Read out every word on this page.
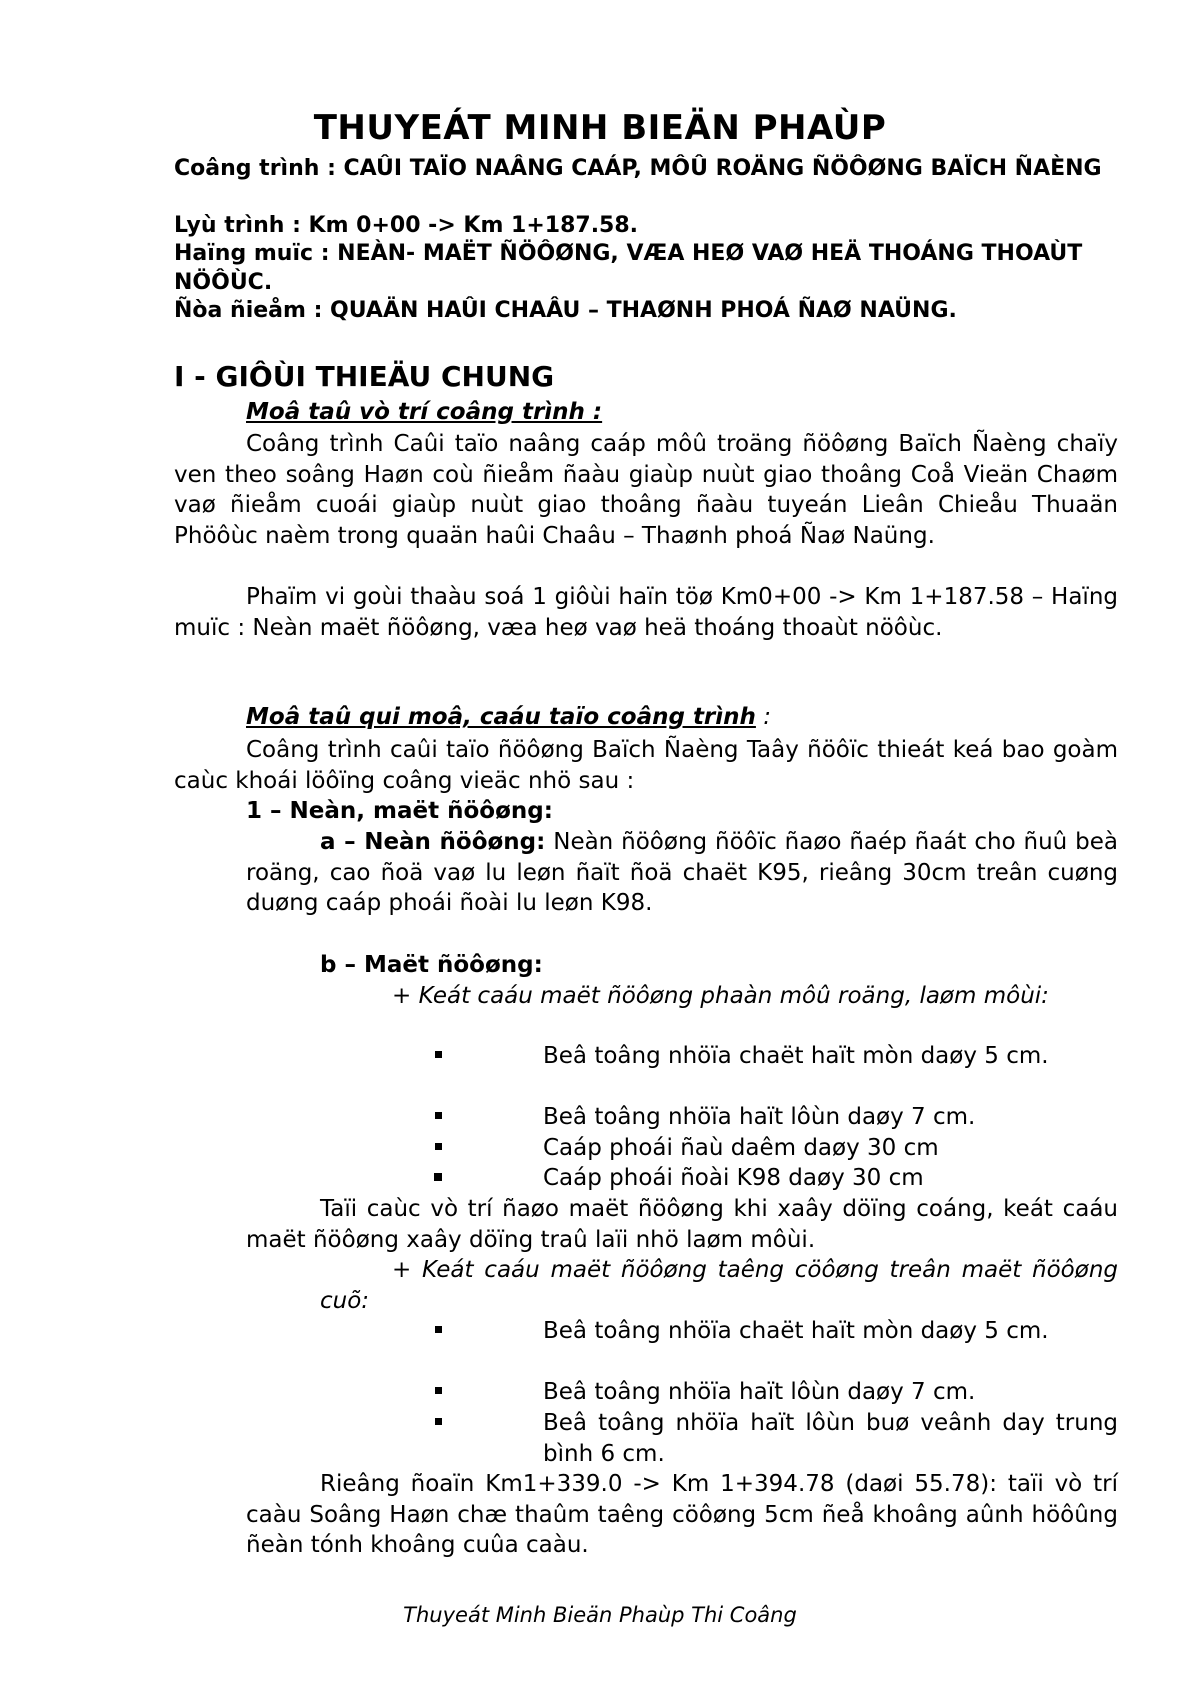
THUYEÁT MINH BIEÄN PHAÙP
Coâng trình : CAÛI TAÏO NAÂNG CAÁP, MÔÛ ROÄNG ÑÖÔØNG BAÏCH ÑAÈNG
Lyù trình : Km 0+00 -> Km 1+187.58.
Haïng muïc : NEÀN- MAËT ÑÖÔØNG, VÆA HEØ VAØ HEÄ THOÁNG THOAÙT NÖÔÙC.
Ñòa ñieåm : QUAÄN HAÛI CHAÂU – THAØNH PHOÁ ÑAØ NAÜNG.
I - GIÔÙI THIEÄU CHUNG
Moâ taû vò trí coâng trình :
Coâng trình Caûi taïo naâng caáp môû troäng ñöôøng Baïch Ñaèng chaïy ven theo soâng Haøn coù ñieåm ñaàu giaùp nuùt giao thoâng Coå Vieän Chaøm vaø ñieåm cuoái giaùp nuùt giao thoâng ñaàu tuyeán Lieân Chieåu Thuaän Phöôùc naèm trong quaän haûi Chaâu – Thaønh phoá Ñaø Naüng.
Phaïm vi goùi thaàu soá 1 giôùi haïn töø Km0+00 -> Km 1+187.58 – Haïng muïc : Neàn maët ñöôøng, væa heø vaø heä thoáng thoaùt nöôùc.
Moâ taû qui moâ, caáu taïo coâng trình :
Coâng trình caûi taïo ñöôøng Baïch Ñaèng Taây ñöôïc thieát keá bao goàm caùc khoái löôïng coâng vieäc nhö sau :
1 – Neàn, maët ñöôøng:
a – Neàn ñöôøng: Neàn ñöôøng ñöôïc ñaøo ñaép ñaát cho ñuû beà roäng, cao ñoä vaø lu leøn ñaït ñoä chaët K95, rieâng 30cm treân cuøng duøng caáp phoái ñoài lu leøn K98.
b – Maët ñöôøng:
+ Keát caáu maët ñöôøng phaàn môû roäng, laøm môùi:
Beâ toâng nhöïa chaët haït mòn daøy 5 cm.
Beâ toâng nhöïa haït lôùn daøy 7 cm.
Caáp phoái ñaù daêm daøy 30 cm
Caáp phoái ñoài K98 daøy 30 cm
Taïi caùc vò trí ñaøo maët ñöôøng khi xaây döïng coáng, keát caáu maët ñöôøng xaây döïng traû laïi nhö laøm môùi.
+ Keát caáu maët ñöôøng taêng cöôøng treân maët ñöôøng cuõ:
Beâ toâng nhöïa chaët haït mòn daøy 5 cm.
Beâ toâng nhöïa haït lôùn daøy 7 cm.
Beâ toâng nhöïa haït lôùn buø veânh day trung bình 6 cm.
Rieâng ñoaïn Km1+339.0 -> Km 1+394.78 (daøi 55.78): taïi vò trí caàu Soâng Haøn chæ thaûm taêng cöôøng 5cm ñeå khoâng aûnh höôûng ñeàn tónh khoâng cuûa caàu.
Thuyeát Minh Bieän Phaùp Thi Coâng
